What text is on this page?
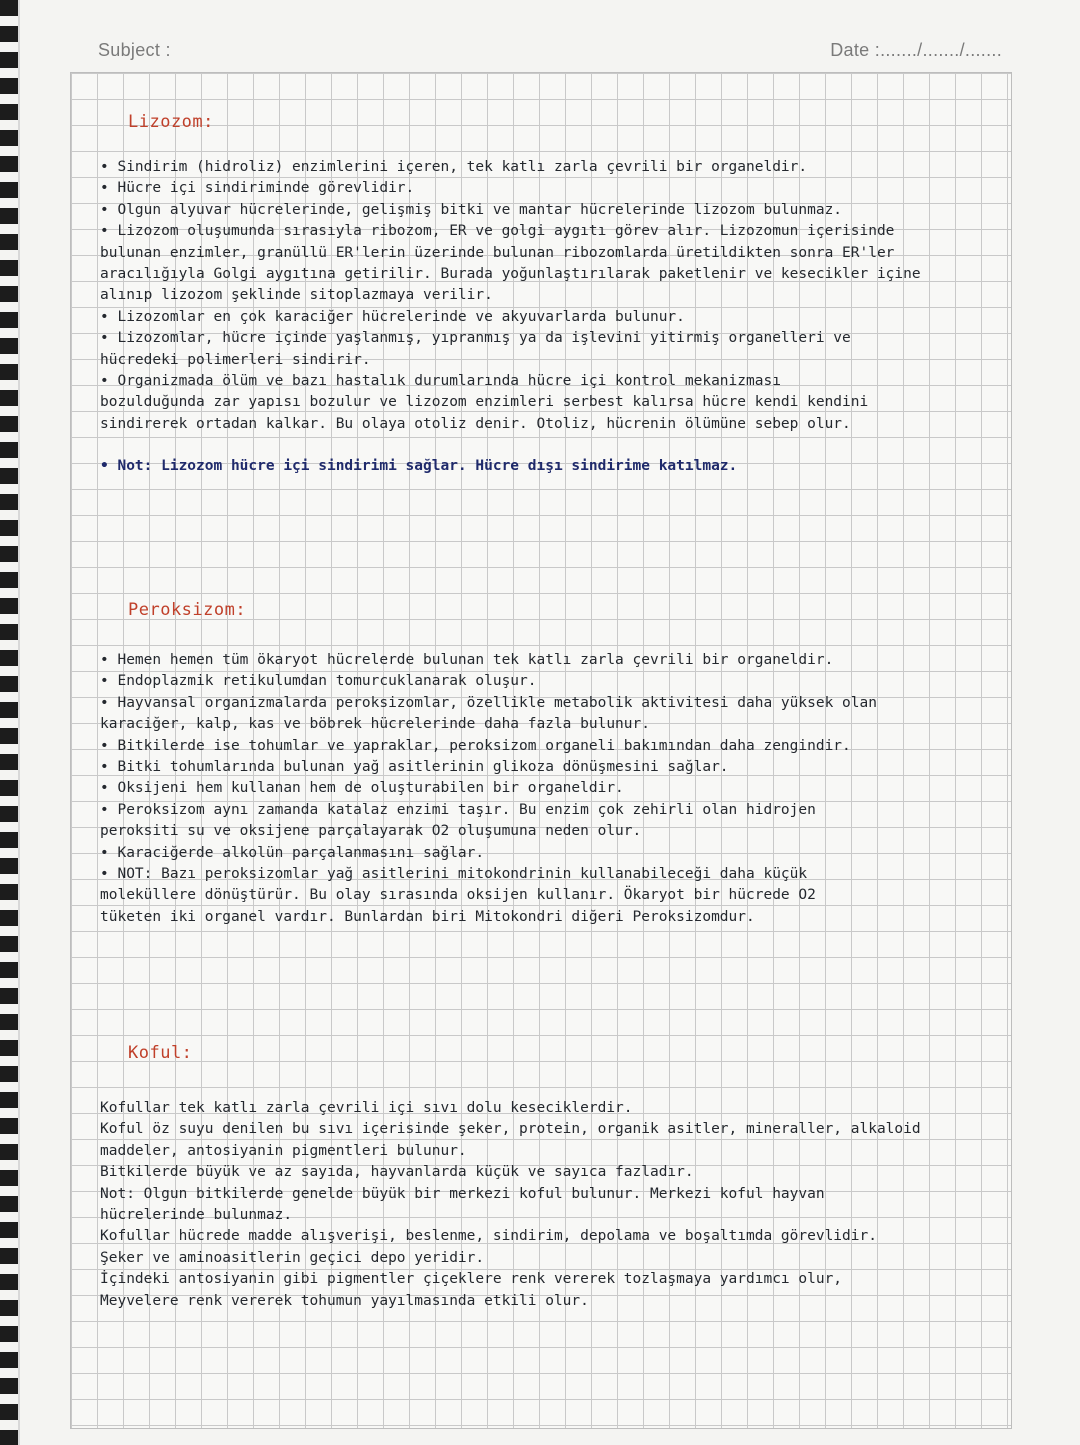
Subject :	Date :......./......./.......
Lizozom:
• Sindirim (hidroliz) enzimlerini içeren, tek katlı zarla çevrili bir organeldir.
• Hücre içi sindiriminde görevlidir.
• Olgun alyuvar hücrelerinde, gelişmiş bitki ve mantar hücrelerinde lizozom bulunmaz.
• Lizozom oluşumunda sırasıyla ribozom, ER ve golgi aygıtı görev alır. Lizozomun içerisinde
bulunan enzimler, granüllü ER'lerin üzerinde bulunan ribozomlarda üretildikten sonra ER'ler
aracılığıyla Golgi aygıtına getirilir. Burada yoğunlaştırılarak paketlenir ve kesecikler içine
alınıp lizozom şeklinde sitoplazmaya verilir.
• Lizozomlar en çok karaciğer hücrelerinde ve akyuvarlarda bulunur.
• Lizozomlar, hücre içinde yaşlanmış, yıpranmış ya da işlevini yitirmiş organelleri ve
hücredeki polimerleri sindirir.
• Organizmada ölüm ve bazı hastalık durumlarında hücre içi kontrol mekanizması
bozulduğunda zar yapısı bozulur ve lizozom enzimleri serbest kalırsa hücre kendi kendini
sindirerek ortadan kalkar. Bu olaya otoliz denir. Otoliz, hücrenin ölümüne sebep olur.
• Not: Lizozom hücre içi sindirimi sağlar. Hücre dışı sindirime katılmaz.
Peroksizom:
• Hemen hemen tüm ökaryot hücrelerde bulunan tek katlı zarla çevrili bir organeldir.
• Endoplazmik retikulumdan tomurcuklanarak oluşur.
• Hayvansal organizmalarda peroksizomlar, özellikle metabolik aktivitesi daha yüksek olan
karaciğer, kalp, kas ve böbrek hücrelerinde daha fazla bulunur.
• Bitkilerde ise tohumlar ve yapraklar, peroksizom organeli bakımından daha zengindir.
• Bitki tohumlarında bulunan yağ asitlerinin glikoza dönüşmesini sağlar.
• Oksijeni hem kullanan hem de oluşturabilen bir organeldir.
• Peroksizom aynı zamanda katalaz enzimi taşır. Bu enzim çok zehirli olan hidrojen
peroksiti su ve oksijene parçalayarak O2 oluşumuna neden olur.
• Karaciğerde alkolün parçalanmasını sağlar.
• NOT: Bazı peroksizomlar yağ asitlerini mitokondrinin kullanabileceği daha küçük
moleküllere dönüştürür. Bu olay sırasında oksijen kullanır. Ökaryot bir hücrede O2
tüketen iki organel vardır. Bunlardan biri Mitokondri diğeri Peroksizomdur.
Koful:
Kofullar tek katlı zarla çevrili içi sıvı dolu keseciklerdir.
Koful öz suyu denilen bu sıvı içerisinde şeker, protein, organik asitler, mineraller, alkaloid
maddeler, antosiyanin pigmentleri bulunur.
Bitkilerde büyük ve az sayıda, hayvanlarda küçük ve sayıca fazladır.
Not: Olgun bitkilerde genelde büyük bir merkezi koful bulunur. Merkezi koful hayvan
hücrelerinde bulunmaz.
Kofullar hücrede madde alışverişi, beslenme, sindirim, depolama ve boşaltımda görevlidir.
Şeker ve aminoasitlerin geçici depo yeridir.
İçindeki antosiyanin gibi pigmentler çiçeklere renk vererek tozlaşmaya yardımcı olur,
Meyvelere renk vererek tohumun yayılmasında etkili olur.
